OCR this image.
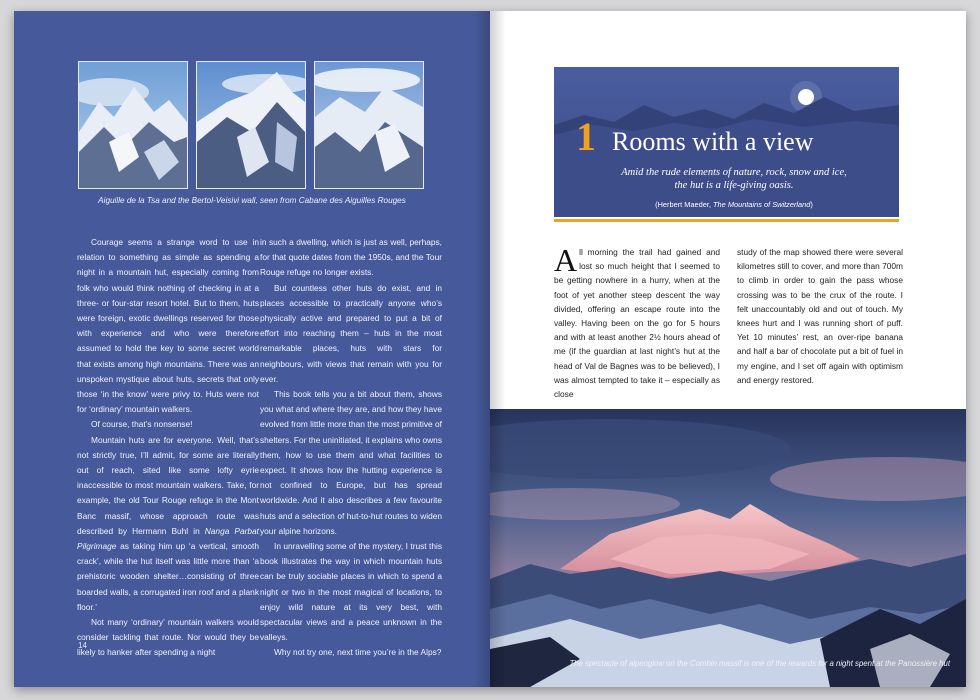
Aiguille de la Tsa and the Bertol-Veisivi wall, seen from Cabane des Aiguilles Rouges

Courage seems a strange word to use in relation to something as simple as spending a night in a mountain hut, especially coming from folk who would think nothing of checking in at a three- or four-star resort hotel. But to them, huts were foreign, exotic dwellings reserved for those with experience and who were therefore assumed to hold the key to some secret world that exists among high mountains. There was an unspoken mystique about huts, secrets that only those ‘in the know’ were privy to. Huts were not for ‘ordinary’ mountain walkers.

Of course, that’s nonsense!

Mountain huts are for everyone. Well, that’s not strictly true, I’ll admit, for some are literally out of reach, sited like some lofty eyrie inaccessible to most mountain walkers. Take, for example, the old Tour Rouge refuge in the Mont Banc massif, whose approach route was described by Hermann Buhl in Nanga Parbat Pilgrimage as taking him up ‘a vertical, smooth crack’, while the hut itself was little more than ‘a prehistoric wooden shelter…consisting of three boarded walls, a corrugated iron roof and a plank floor.’

Not many ‘ordinary’ mountain walkers would consider tackling that route. Nor would they be likely to hanker after spending a night

in such a dwelling, which is just as well, perhaps, for that quote dates from the 1950s, and the Tour Rouge refuge no longer exists.

But countless other huts do exist, and in places accessible to practically anyone who’s physically active and prepared to put a bit of effort into reaching them – huts in the most remarkable places, huts with stars for neighbours, with views that remain with you for ever.

This book tells you a bit about them, shows you what and where they are, and how they have evolved from little more than the most primitive of shelters. For the uninitiated, it explains who owns them, how to use them and what facilities to expect. It shows how the hutting experience is not confined to Europe, but has spread worldwide. And it also describes a few favourite huts and a selection of hut-to-hut routes to widen your alpine horizons.

In unravelling some of the mystery, I trust this book illustrates the way in which mountain huts can be truly sociable places in which to spend a night or two in the most magical of locations, to enjoy wild nature at its very best, with spectacular views and a peace unknown in the valleys.

Why not try one, next time you’re in the Alps?

14
1 Rooms with a view
Amid the rude elements of nature, rock, snow and ice,
the hut is a life-giving oasis.
(Herbert Maeder, The Mountains of Switzerland)

All morning the trail had gained and lost so much height that I seemed to be getting nowhere in a hurry, when at the foot of yet another steep descent the way divided, offering an escape route into the valley. Having been on the go for 5 hours and with at least another 2½ hours ahead of me (if the guardian at last night’s hut at the head of Val de Bagnes was to be believed), I was almost tempted to take it – especially as close

study of the map showed there were several kilometres still to cover, and more than 700m to climb in order to gain the pass whose crossing was to be the crux of the route. I felt unaccountably old and out of touch. My knees hurt and I was running short of puff. Yet 10 minutes’ rest, an over-ripe banana and half a bar of chocolate put a bit of fuel in my engine, and I set off again with optimism and energy restored.

The spectacle of alpenglow on the Combin massif is one of the rewards for a night spent at the Panossière hut
